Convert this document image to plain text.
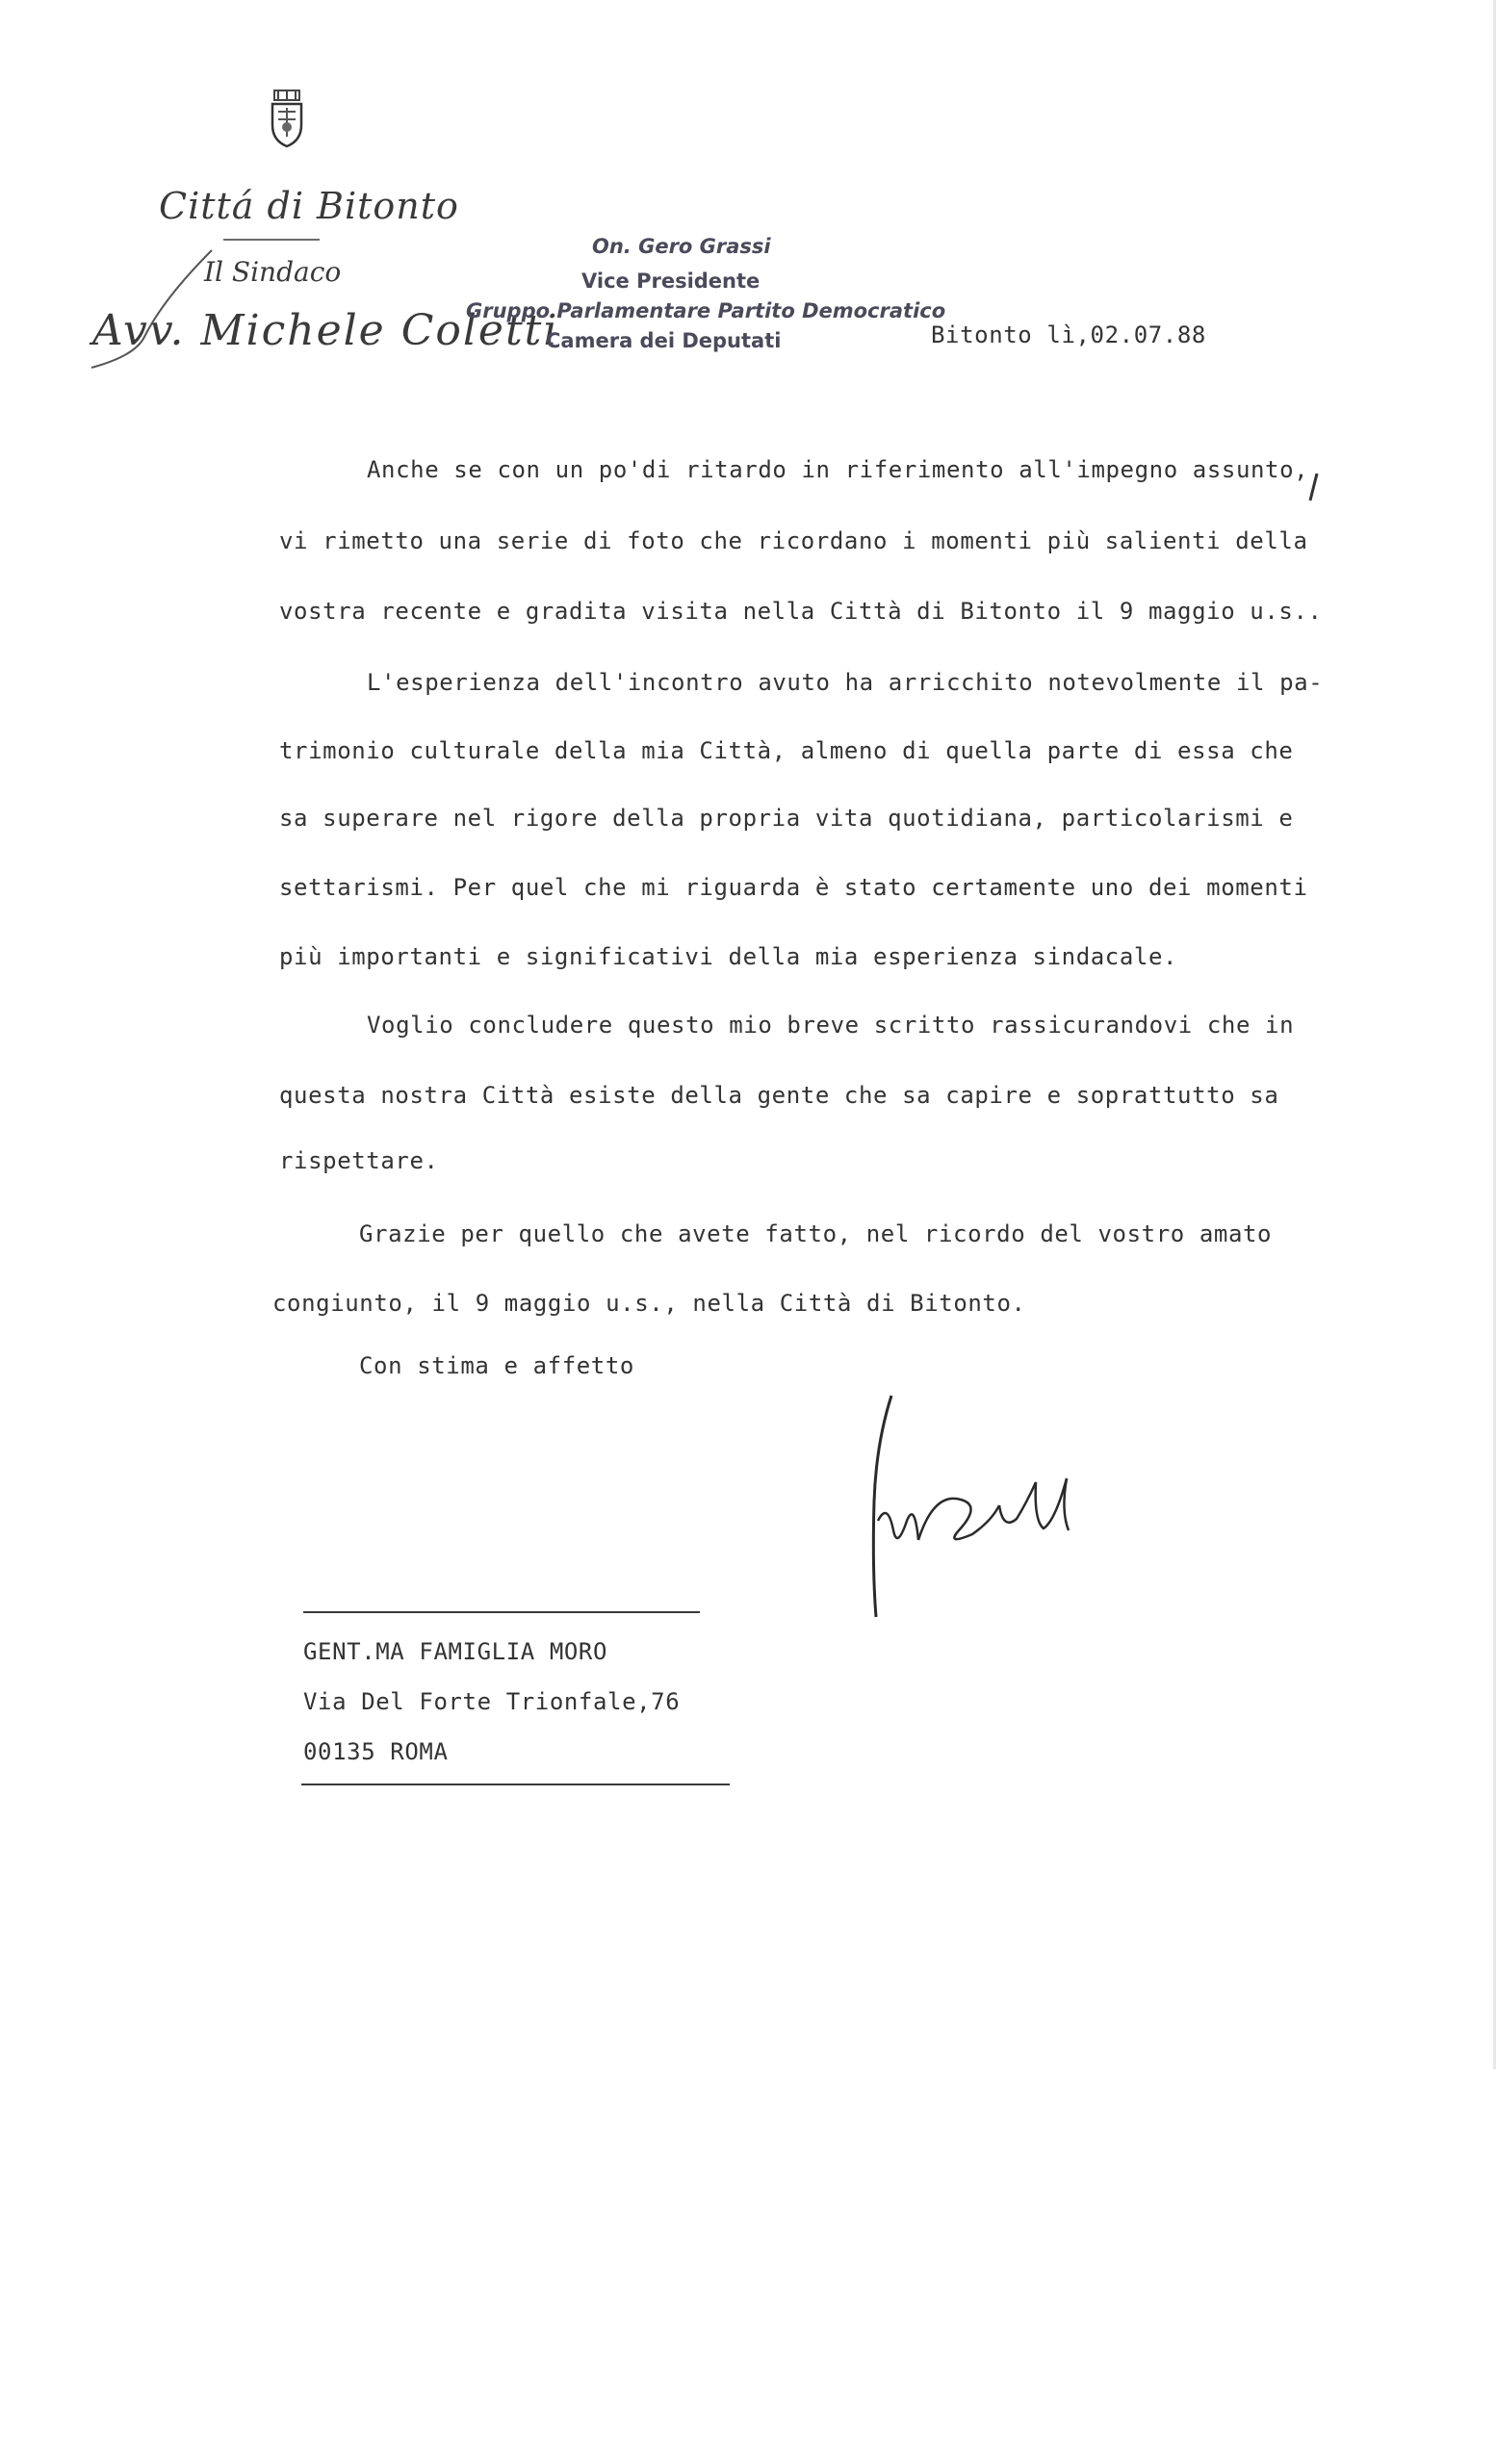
Cittá di Bitonto
Il Sindaco
Avv. Michele Coletti
On. Gero Grassi
Vice Presidente
Gruppo Parlamentare Partito Democratico
Camera dei Deputati	Bitonto lì,02.07.88
Anche se con un po'di ritardo in riferimento all'impegno assunto,
vi rimetto una serie di foto che ricordano i momenti più salienti della
vostra recente e gradita visita nella Città di Bitonto il 9 maggio u.s..
L'esperienza dell'incontro avuto ha arricchito notevolmente il pa-
trimonio culturale della mia Città, almeno di quella parte di essa che
sa superare nel rigore della propria vita quotidiana, particolarismi e
settarismi. Per quel che mi riguarda è stato certamente uno dei momenti
più importanti e significativi della mia esperienza sindacale.
Voglio concludere questo mio breve scritto rassicurandovi che in
questa nostra Città esiste della gente che sa capire e soprattutto sa
rispettare.
Grazie per quello che avete fatto, nel ricordo del vostro amato
congiunto, il 9 maggio u.s., nella Città di Bitonto.
Con stima e affetto
GENT.MA FAMIGLIA MORO
Via Del Forte Trionfale,76
00135 ROMA
